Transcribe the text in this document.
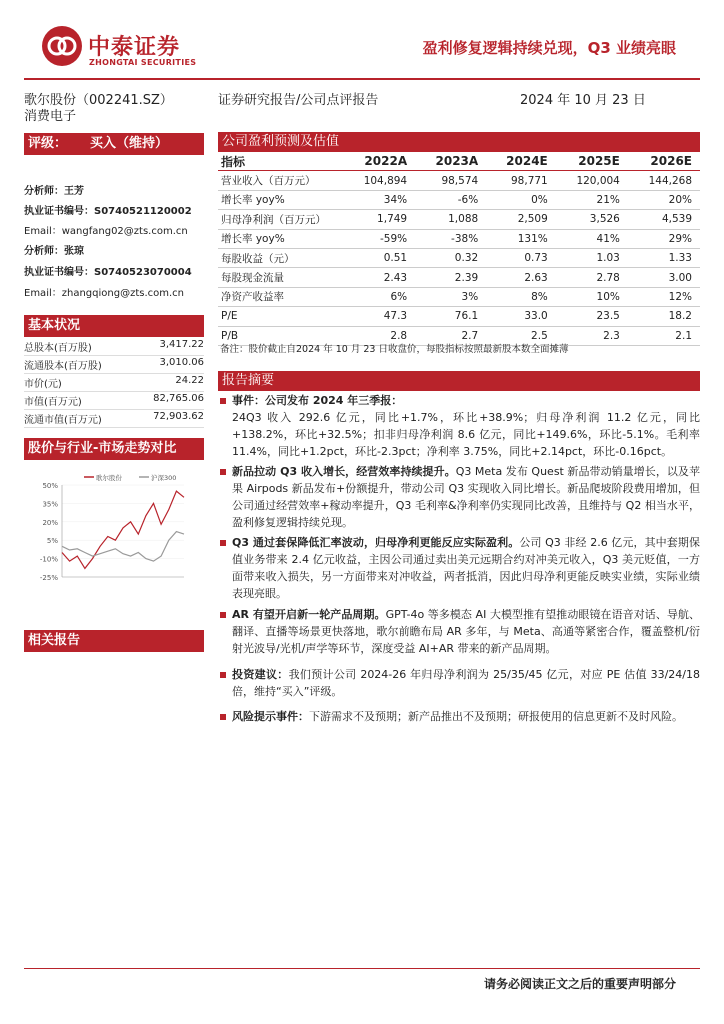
中泰证券
ZHONGTAI SECURITIES
盈利修复逻辑持续兑现，Q3 业绩亮眼
歌尔股份（002241.SZ）
消费电子
证券研究报告/公司点评报告	2024 年 10 月 23 日
评级： 买入（维持）
分析师：王芳
执业证书编号：S0740521120002
Email：wangfang02@zts.com.cn
分析师：张琼
执业证书编号：S0740523070004
Email：zhangqiong@zts.com.cn
基本状况
总股本(百万股)	3,417.22
流通股本(百万股)	3,010.06
市价(元)	24.22
市值(百万元)	82,765.06
流通市值(百万元)	72,903.62
股价与行业-市场走势对比
50%
35%
20%
5%
-10%
-25%
歌尔股份	沪深300
相关报告
公司盈利预测及估值
指标	2022A	2023A	2024E	2025E	2026E
营业收入（百万元）	104,894	98,574	98,771	120,004	144,268
增长率 yoy%	34%	-6%	0%	21%	20%
归母净利润（百万元）	1,749	1,088	2,509	3,526	4,539
增长率 yoy%	-59%	-38%	131%	41%	29%
每股收益（元）	0.51	0.32	0.73	1.03	1.33
每股现金流量	2.43	2.39	2.63	2.78	3.00
净资产收益率	6%	3%	8%	10%	12%
P/E	47.3	76.1	33.0	23.5	18.2
P/B	2.8	2.7	2.5	2.3	2.1
备注：股价截止自2024 年 10 月 23 日收盘价，每股指标按照最新股本数全面摊薄
报告摘要
事件：公司发布 2024 年三季报：
24Q3 收入 292.6 亿元，同比+1.7%，环比+38.9%；归母净利润 11.2 亿元，同比+138.2%，环比+32.5%；扣非归母净利润 8.6 亿元，同比+149.6%，环比-5.1%。毛利率 11.4%，同比+1.2pct，环比-2.3pct；净利率 3.75%，同比+2.14pct，环比-0.16pct。
新品拉动 Q3 收入增长，经营效率持续提升。Q3 Meta 发布 Quest 新品带动销量增长，以及苹果 Airpods 新品发布+份额提升，带动公司 Q3 实现收入同比增长。新品爬坡阶段费用增加，但公司通过经营效率+稼动率提升，Q3 毛利率&净利率仍实现同比改善，且维持与 Q2 相当水平，盈利修复逻辑持续兑现。
Q3 通过套保降低汇率波动，归母净利更能反应实际盈利。公司 Q3 非经 2.6 亿元，其中套期保值业务带来 2.4 亿元收益，主因公司通过卖出美元远期合约对冲美元收入，Q3 美元贬值，一方面带来收入损失，另一方面带来对冲收益，两者抵消，因此归母净利更能反映实业绩，实际业绩表现亮眼。
AR 有望开启新一轮产品周期。GPT-4o 等多模态 AI 大模型推有望推动眼镜在语音对话、导航、翻译、直播等场景更快落地，歌尔前瞻布局 AR 多年，与 Meta、高通等紧密合作，覆盖整机/衍射光波导/光机/声学等环节，深度受益 AI+AR 带来的新产品周期。
投资建议：我们预计公司 2024-26 年归母净利润为 25/35/45 亿元，对应 PE 估值 33/24/18 倍，维持“买入”评级。
风险提示事件：下游需求不及预期；新产品推出不及预期；研报使用的信息更新不及时风险。
请务必阅读正文之后的重要声明部分
